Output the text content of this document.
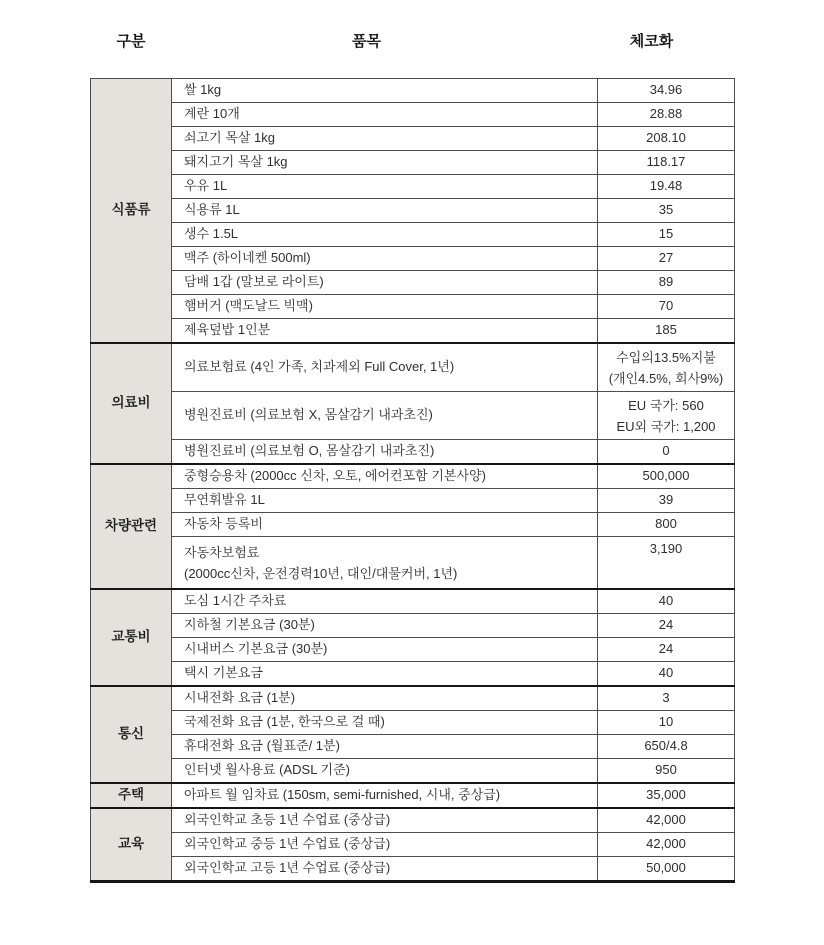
구분	품목	체코화
식품류	쌀 1kg	34.96
	계란 10개	28.88
	쇠고기 목살 1kg	208.10
	돼지고기 목살 1kg	118.17
	우유 1L	19.48
	식용류 1L	35
	생수 1.5L	15
	맥주 (하이네켄 500ml)	27
	담배 1갑 (말보로 라이트)	89
	햄버거 (맥도날드 빅맥)	70
	제육덮밥 1인분	185
의료비	의료보험료 (4인 가족, 치과제외 Full Cover, 1년)	수입의13.5%지불
(개인4.5%, 회사9%)

	병원진료비 (의료보험 X, 몸살감기 내과초진)	EU 국가: 560
EU외 국가: 1,200

	병원진료비 (의료보험 O, 몸살감기 내과초진)	0
차량관련	중형승용차 (2000cc 신차, 오토, 에어컨포함 기본사양)	500,000
	무연휘발유 1L	39
	자동차 등록비	800

	자동차보험료
(2000cc신차, 운전경력10년, 대인/대물커버, 1년)	3,190
교통비	도심 1시간 주차료	40
	지하철 기본요금 (30분)	24
	시내버스 기본요금 (30분)	24
	택시 기본요금	40
통신	시내전화 요금 (1분)	3
	국제전화 요금 (1분, 한국으로 걸 때)	10
	휴대전화 요금 (월표준/ 1분)	650/4.8
	인터넷 월사용료 (ADSL 기준)	950
주택	아파트 월 임차료 (150sm, semi-furnished, 시내, 중상급)	35,000
교육	외국인학교 초등 1년 수업료 (중상급)	42,000
	외국인학교 중등 1년 수업료 (중상급)	42,000
	외국인학교 고등 1년 수업료 (중상급)	50,000
